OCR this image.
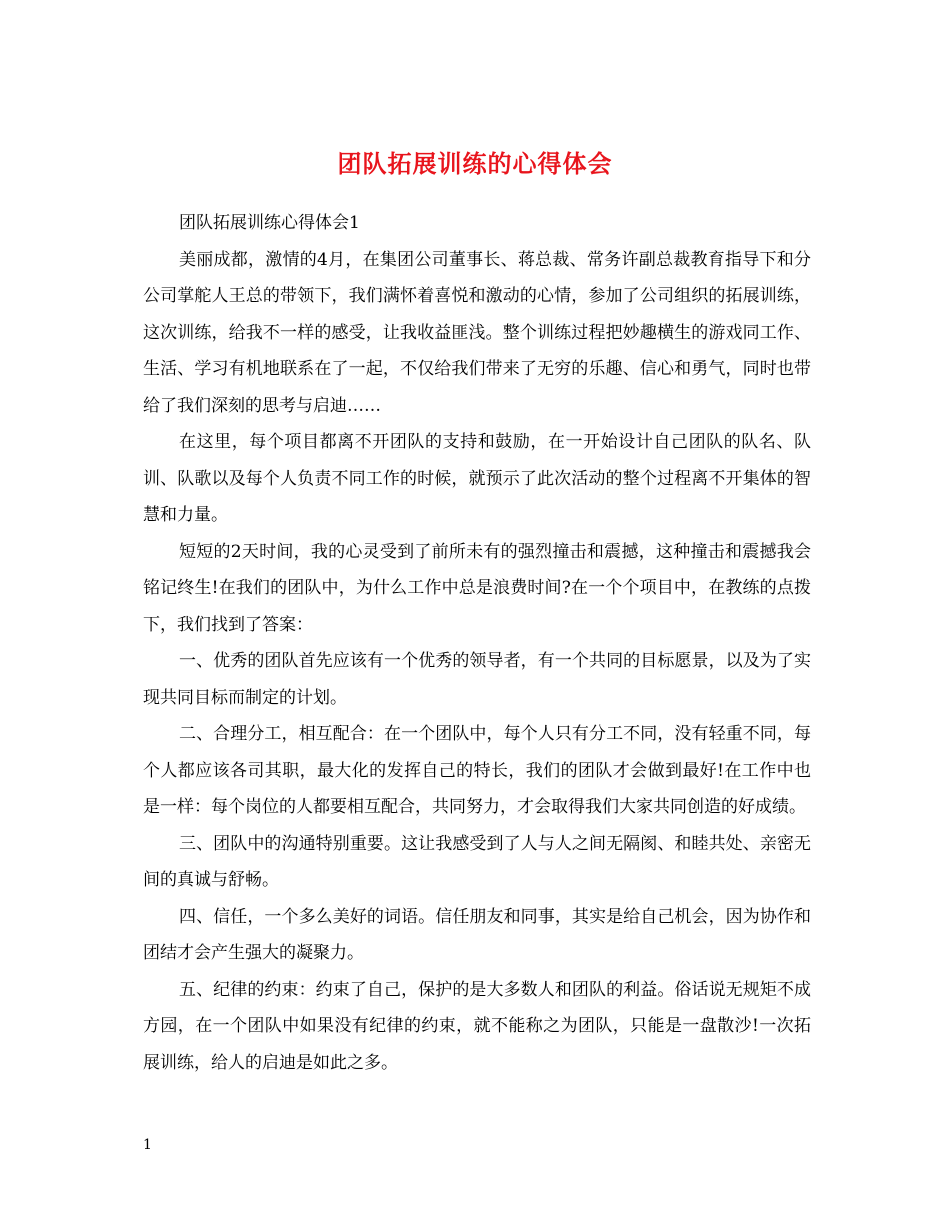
团队拓展训练的心得体会

团队拓展训练心得体会1

美丽成都，激情的4月，在集团公司董事长、蒋总裁、常务许副总裁教育指导下和分公司掌舵人王总的带领下，我们满怀着喜悦和激动的心情，参加了公司组织的拓展训练，这次训练，给我不一样的感受，让我收益匪浅。整个训练过程把妙趣横生的游戏同工作、生活、学习有机地联系在了一起，不仅给我们带来了无穷的乐趣、信心和勇气，同时也带给了我们深刻的思考与启迪……

在这里，每个项目都离不开团队的支持和鼓励，在一开始设计自己团队的队名、队训、队歌以及每个人负责不同工作的时候，就预示了此次活动的整个过程离不开集体的智慧和力量。

短短的2天时间，我的心灵受到了前所未有的强烈撞击和震撼，这种撞击和震撼我会铭记终生!在我们的团队中，为什么工作中总是浪费时间?在一个个项目中，在教练的点拨下，我们找到了答案：

一、优秀的团队首先应该有一个优秀的领导者，有一个共同的目标愿景，以及为了实现共同目标而制定的计划。

二、合理分工，相互配合：在一个团队中，每个人只有分工不同，没有轻重不同，每个人都应该各司其职，最大化的发挥自己的特长，我们的团队才会做到最好!在工作中也是一样：每个岗位的人都要相互配合，共同努力，才会取得我们大家共同创造的好成绩。

三、团队中的沟通特别重要。这让我感受到了人与人之间无隔阂、和睦共处、亲密无间的真诚与舒畅。

四、信任，一个多么美好的词语。信任朋友和同事，其实是给自己机会，因为协作和团结才会产生强大的凝聚力。

五、纪律的约束：约束了自己，保护的是大多数人和团队的利益。俗话说无规矩不成方园，在一个团队中如果没有纪律的约束，就不能称之为团队，只能是一盘散沙!一次拓展训练，给人的启迪是如此之多。

1
